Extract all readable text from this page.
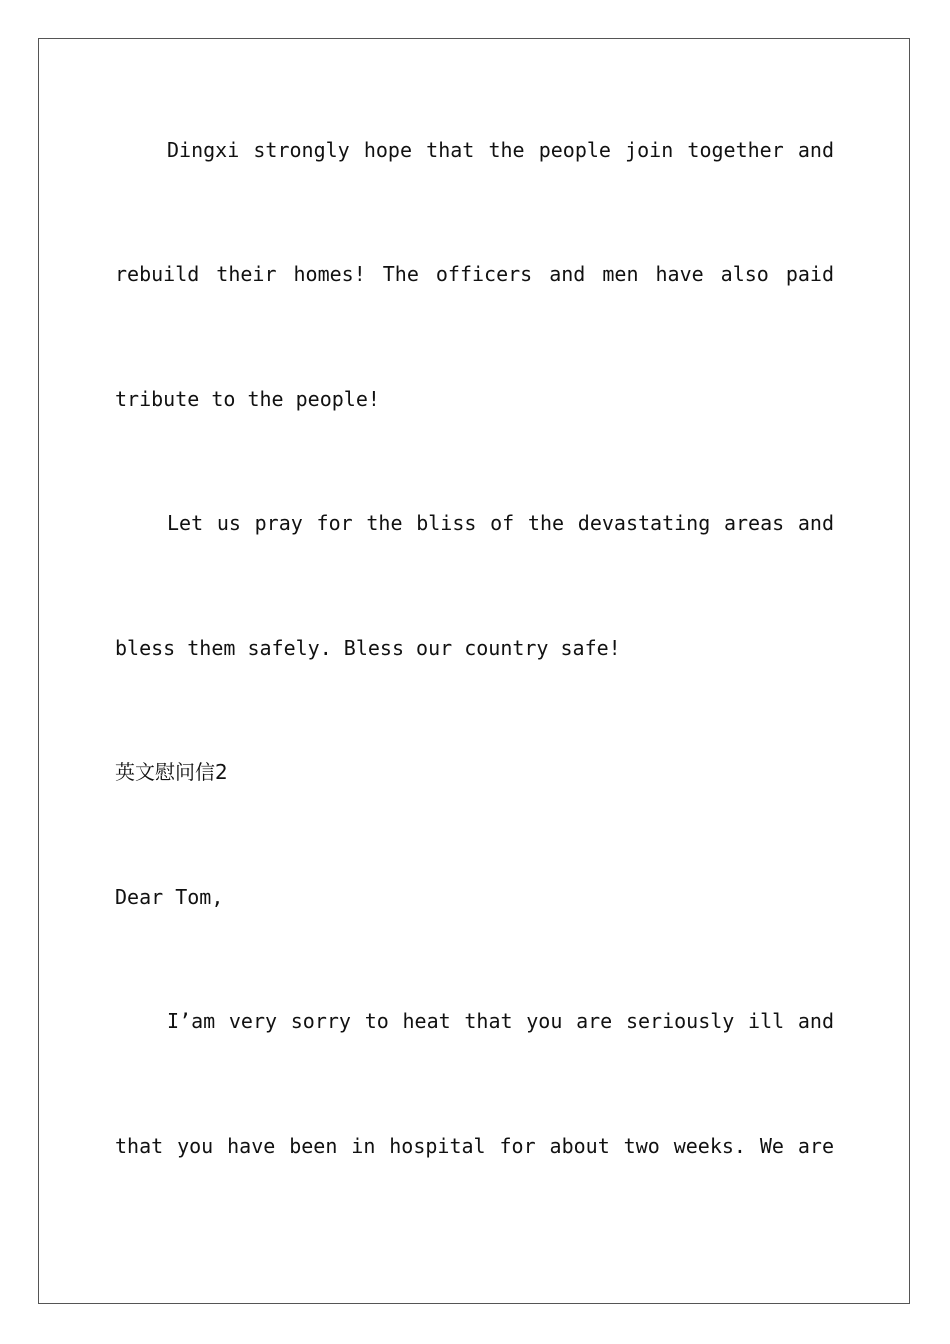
Dingxi strongly hope that the people join together and
rebuild their homes! The officers and men have also paid
tribute to the people!
Let us pray for the bliss of the devastating areas and
bless them safely. Bless our country safe!
英文慰问信2
Dear Tom,
I’am very sorry to heat that you are seriously ill and
that you have been in hospital for about two weeks. We are
